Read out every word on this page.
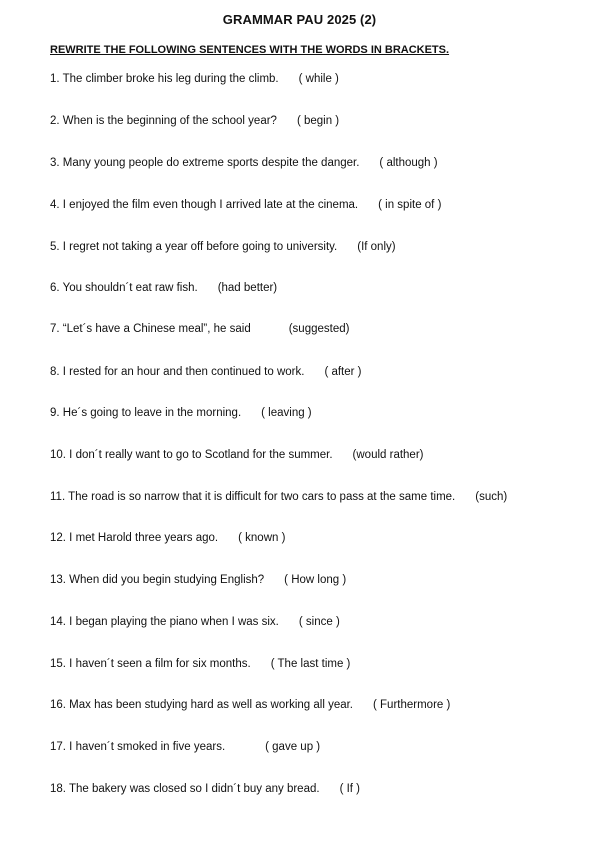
GRAMMAR PAU 2025 (2)
REWRITE THE FOLLOWING SENTENCES WITH THE WORDS IN BRACKETS.
1. The climber broke his leg during the climb. ( while )
2. When is the beginning of the school year? ( begin )
3. Many young people do extreme sports despite the danger. ( although )
4. I enjoyed the film even though I arrived late at the cinema. ( in spite of )
5. I regret not taking a year off before going to university. (If only)
6. You shouldn´t eat raw fish. (had better)
7. “Let´s have a Chinese meal”, he said	(suggested)
8. I rested for an hour and then continued to work. ( after )
9. He´s going to leave in the morning. ( leaving )
10. I don´t really want to go to Scotland for the summer. (would rather)
11. The road is so narrow that it is difficult for two cars to pass at the same time. (such)
12. I met Harold three years ago. ( known )
13. When did you begin studying English? ( How long )
14. I began playing the piano when I was six. ( since )
15. I haven´t seen a film for six months. ( The last time )
16. Max has been studying hard as well as working all year. ( Furthermore )
17. I haven´t smoked in five years.	( gave up )
18. The bakery was closed so I didn´t buy any bread. ( If )
